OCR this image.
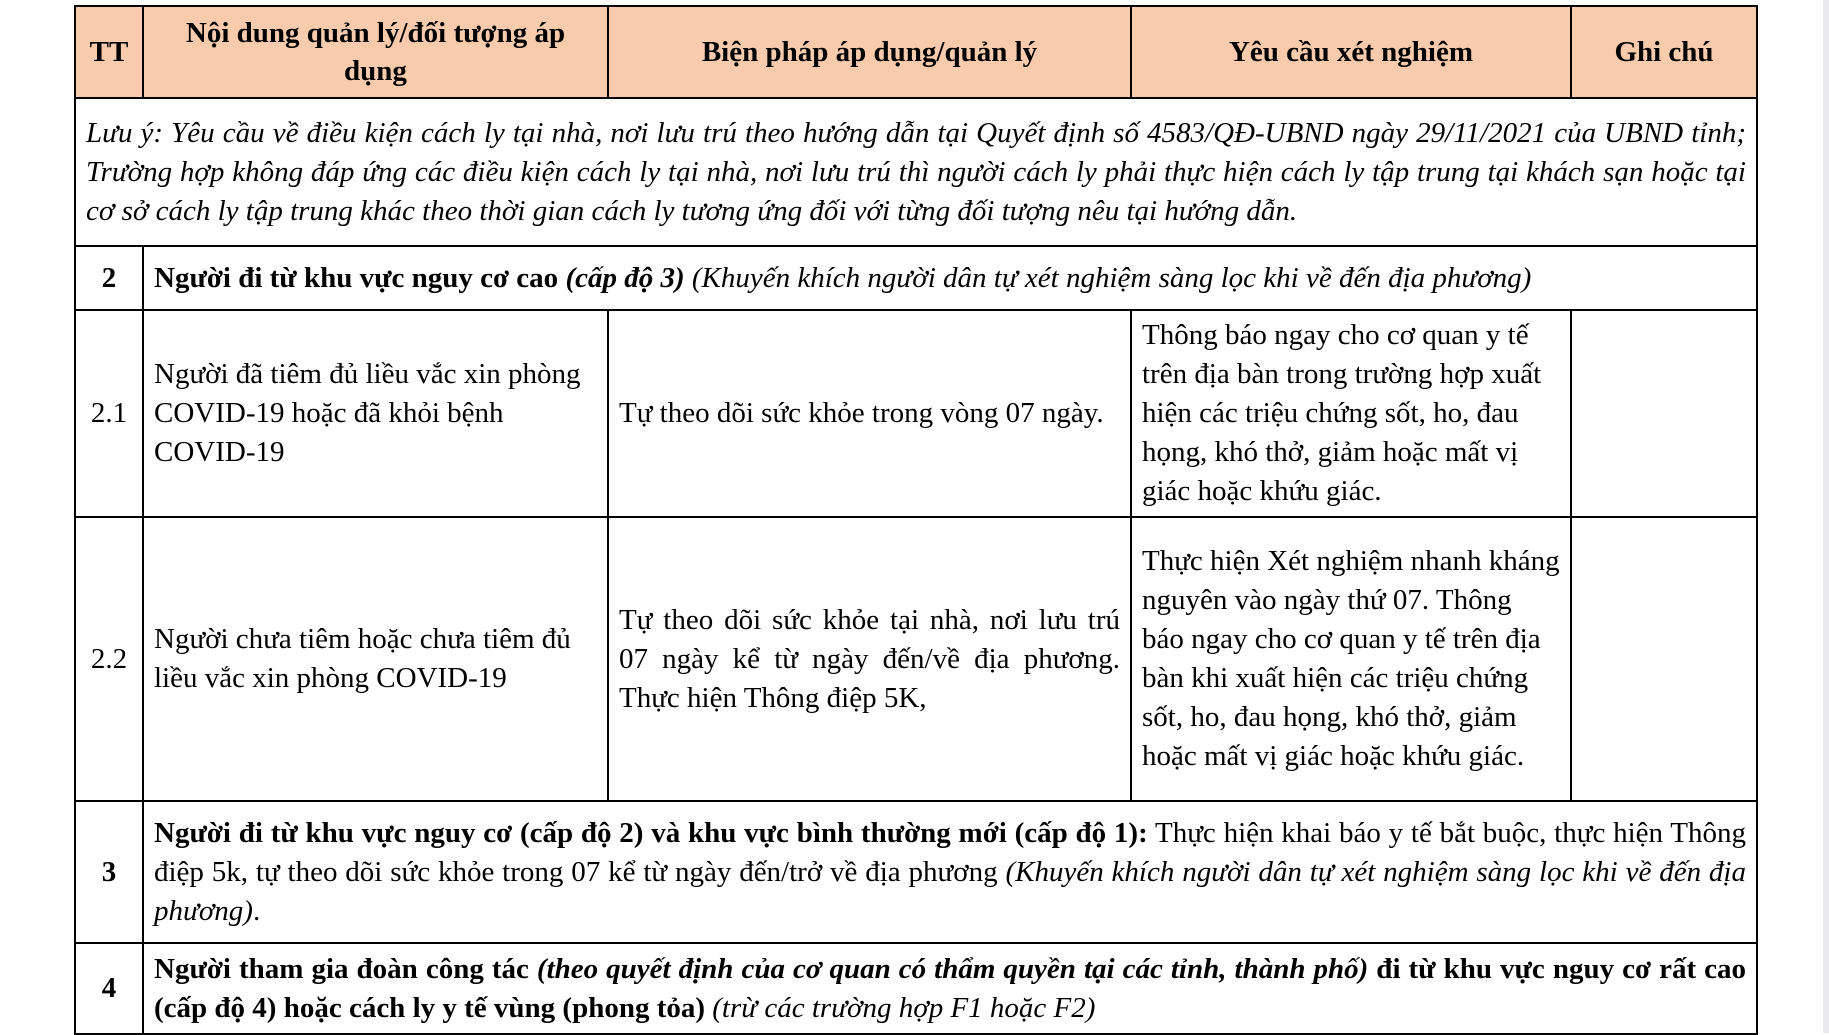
TT	Nội dung quản lý/đối tượng áp dụng	Biện pháp áp dụng/quản lý	Yêu cầu xét nghiệm	Ghi chú
Lưu ý: Yêu cầu về điều kiện cách ly tại nhà, nơi lưu trú theo hướng dẫn tại Quyết định số 4583/QĐ-UBND ngày 29/11/2021 của UBND tỉnh; Trường hợp không đáp ứng các điều kiện cách ly tại nhà, nơi lưu trú thì người cách ly phải thực hiện cách ly tập trung tại khách sạn hoặc tại cơ sở cách ly tập trung khác theo thời gian cách ly tương ứng đối với từng đối tượng nêu tại hướng dẫn.				
2	Người đi từ khu vực nguy cơ cao (cấp độ 3) (Khuyến khích người dân tự xét nghiệm sàng lọc khi về đến địa phương)			
2.1	Người đã tiêm đủ liều vắc xin phòng COVID-19 hoặc đã khỏi bệnh COVID-19	Tự theo dõi sức khỏe trong vòng 07 ngày.	Thông báo ngay cho cơ quan y tế trên địa bàn trong trường hợp xuất hiện các triệu chứng sốt, ho, đau họng, khó thở, giảm hoặc mất vị giác hoặc khứu giác.	
2.2	Người chưa tiêm hoặc chưa tiêm đủ liều vắc xin phòng COVID-19	Tự theo dõi sức khỏe tại nhà, nơi lưu trú 07 ngày kể từ ngày đến/về địa phương. Thực hiện Thông điệp 5K,	Thực hiện Xét nghiệm nhanh kháng nguyên vào ngày thứ 07. Thông báo ngay cho cơ quan y tế trên địa bàn khi xuất hiện các triệu chứng sốt, ho, đau họng, khó thở, giảm hoặc mất vị giác hoặc khứu giác.	
3	Người đi từ khu vực nguy cơ (cấp độ 2) và khu vực bình thường mới (cấp độ 1): Thực hiện khai báo y tế bắt buộc, thực hiện Thông điệp 5k, tự theo dõi sức khỏe trong 07 kể từ ngày đến/trở về địa phương (Khuyến khích người dân tự xét nghiệm sàng lọc khi về đến địa phương).			
4	Người tham gia đoàn công tác (theo quyết định của cơ quan có thẩm quyền tại các tỉnh, thành phố) đi từ khu vực nguy cơ rất cao (cấp độ 4) hoặc cách ly y tế vùng (phong tỏa) (trừ các trường hợp F1 hoặc F2)			
